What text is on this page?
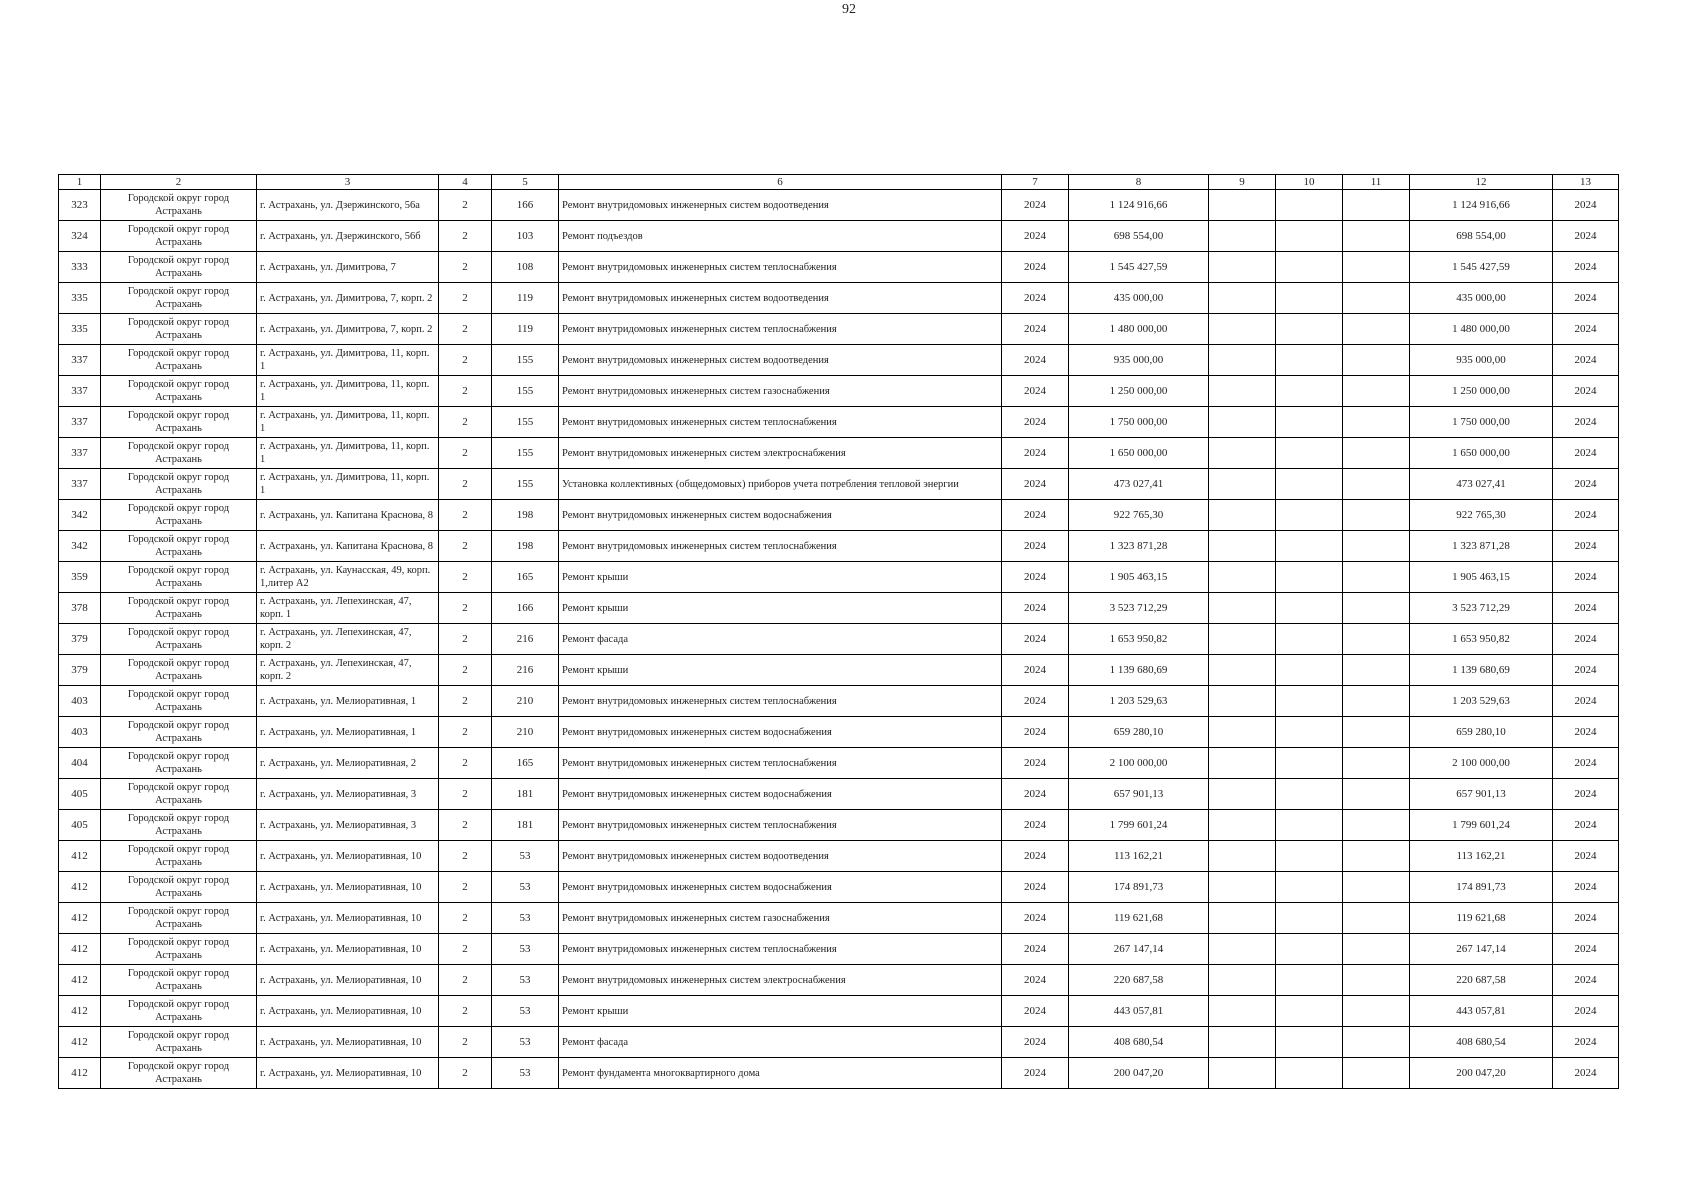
92
1	2	3	4	5	6	7	8	9	10	11	12	13
323	Городской округ город Астрахань	г. Астрахань, ул. Дзержинского, 56а	2	166	Ремонт внутридомовых инженерных систем водоотведения	2024	1 124 916,66				1 124 916,66	2024
324	Городской округ город Астрахань	г. Астрахань, ул. Дзержинского, 56б	2	103	Ремонт подъездов	2024	698 554,00				698 554,00	2024
333	Городской округ город Астрахань	г. Астрахань, ул. Димитрова, 7	2	108	Ремонт внутридомовых инженерных систем теплоснабжения	2024	1 545 427,59				1 545 427,59	2024
335	Городской округ город Астрахань	г. Астрахань, ул. Димитрова, 7, корп. 2	2	119	Ремонт внутридомовых инженерных систем водоотведения	2024	435 000,00				435 000,00	2024
335	Городской округ город Астрахань	г. Астрахань, ул. Димитрова, 7, корп. 2	2	119	Ремонт внутридомовых инженерных систем теплоснабжения	2024	1 480 000,00				1 480 000,00	2024
337	Городской округ город Астрахань	г. Астрахань, ул. Димитрова, 11, корп. 1	2	155	Ремонт внутридомовых инженерных систем водоотведения	2024	935 000,00				935 000,00	2024
337	Городской округ город Астрахань	г. Астрахань, ул. Димитрова, 11, корп. 1	2	155	Ремонт внутридомовых инженерных систем газоснабжения	2024	1 250 000,00				1 250 000,00	2024
337	Городской округ город Астрахань	г. Астрахань, ул. Димитрова, 11, корп. 1	2	155	Ремонт внутридомовых инженерных систем теплоснабжения	2024	1 750 000,00				1 750 000,00	2024
337	Городской округ город Астрахань	г. Астрахань, ул. Димитрова, 11, корп. 1	2	155	Ремонт внутридомовых инженерных систем электроснабжения	2024	1 650 000,00				1 650 000,00	2024
337	Городской округ город Астрахань	г. Астрахань, ул. Димитрова, 11, корп. 1	2	155	Установка коллективных (общедомовых) приборов учета потребления тепловой энергии	2024	473 027,41				473 027,41	2024
342	Городской округ город Астрахань	г. Астрахань, ул. Капитана Краснова, 8	2	198	Ремонт внутридомовых инженерных систем водоснабжения	2024	922 765,30				922 765,30	2024
342	Городской округ город Астрахань	г. Астрахань, ул. Капитана Краснова, 8	2	198	Ремонт внутридомовых инженерных систем теплоснабжения	2024	1 323 871,28				1 323 871,28	2024
359	Городской округ город Астрахань	г. Астрахань, ул. Каунасская, 49, корп. 1,литер А2	2	165	Ремонт крыши	2024	1 905 463,15				1 905 463,15	2024
378	Городской округ город Астрахань	г. Астрахань, ул. Лепехинская, 47, корп. 1	2	166	Ремонт крыши	2024	3 523 712,29				3 523 712,29	2024
379	Городской округ город Астрахань	г. Астрахань, ул. Лепехинская, 47, корп. 2	2	216	Ремонт фасада	2024	1 653 950,82				1 653 950,82	2024
379	Городской округ город Астрахань	г. Астрахань, ул. Лепехинская, 47, корп. 2	2	216	Ремонт крыши	2024	1 139 680,69				1 139 680,69	2024
403	Городской округ город Астрахань	г. Астрахань, ул. Мелиоративная, 1	2	210	Ремонт внутридомовых инженерных систем теплоснабжения	2024	1 203 529,63				1 203 529,63	2024
403	Городской округ город Астрахань	г. Астрахань, ул. Мелиоративная, 1	2	210	Ремонт внутридомовых инженерных систем водоснабжения	2024	659 280,10				659 280,10	2024
404	Городской округ город Астрахань	г. Астрахань, ул. Мелиоративная, 2	2	165	Ремонт внутридомовых инженерных систем теплоснабжения	2024	2 100 000,00				2 100 000,00	2024
405	Городской округ город Астрахань	г. Астрахань, ул. Мелиоративная, 3	2	181	Ремонт внутридомовых инженерных систем водоснабжения	2024	657 901,13				657 901,13	2024
405	Городской округ город Астрахань	г. Астрахань, ул. Мелиоративная, 3	2	181	Ремонт внутридомовых инженерных систем теплоснабжения	2024	1 799 601,24				1 799 601,24	2024
412	Городской округ город Астрахань	г. Астрахань, ул. Мелиоративная, 10	2	53	Ремонт внутридомовых инженерных систем водоотведения	2024	113 162,21				113 162,21	2024
412	Городской округ город Астрахань	г. Астрахань, ул. Мелиоративная, 10	2	53	Ремонт внутридомовых инженерных систем водоснабжения	2024	174 891,73				174 891,73	2024
412	Городской округ город Астрахань	г. Астрахань, ул. Мелиоративная, 10	2	53	Ремонт внутридомовых инженерных систем газоснабжения	2024	119 621,68				119 621,68	2024
412	Городской округ город Астрахань	г. Астрахань, ул. Мелиоративная, 10	2	53	Ремонт внутридомовых инженерных систем теплоснабжения	2024	267 147,14				267 147,14	2024
412	Городской округ город Астрахань	г. Астрахань, ул. Мелиоративная, 10	2	53	Ремонт внутридомовых инженерных систем электроснабжения	2024	220 687,58				220 687,58	2024
412	Городской округ город Астрахань	г. Астрахань, ул. Мелиоративная, 10	2	53	Ремонт крыши	2024	443 057,81				443 057,81	2024
412	Городской округ город Астрахань	г. Астрахань, ул. Мелиоративная, 10	2	53	Ремонт фасада	2024	408 680,54				408 680,54	2024
412	Городской округ город Астрахань	г. Астрахань, ул. Мелиоративная, 10	2	53	Ремонт фундамента многоквартирного дома	2024	200 047,20				200 047,20	2024
